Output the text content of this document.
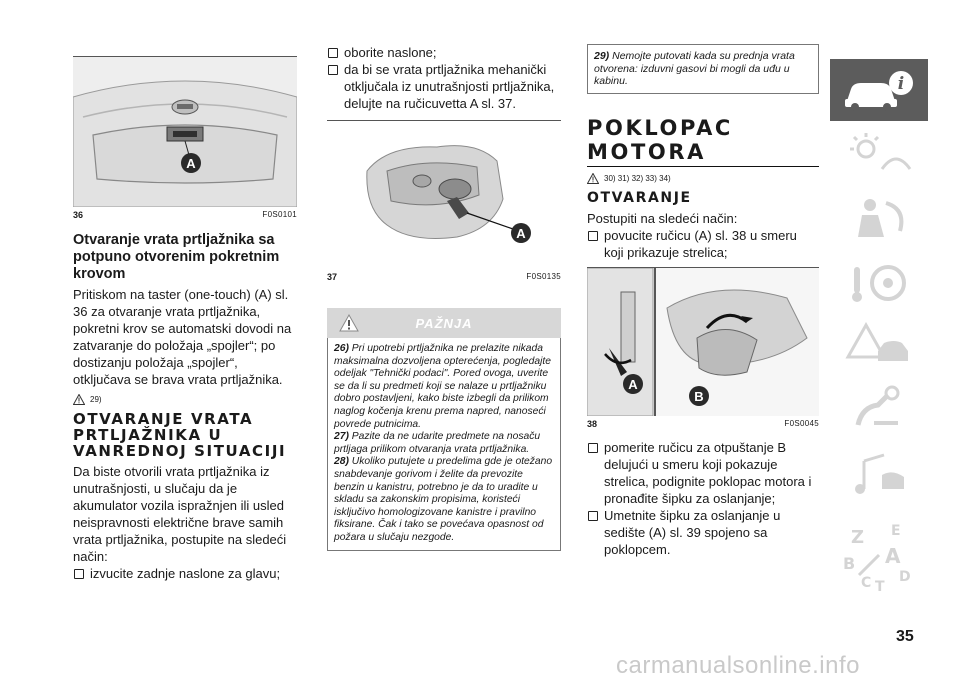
A
36	F0S0101
Otvaranje vrata prtljažnika sa potpuno otvorenim pokretnim krovom

Pritiskom na taster (one-touch) (A) sl. 36 za otvaranje vrata prtljažnika, pokretni krov se automatski dovodi na zatvaranje do položaja „spojler“; po dostizanju položaja „spojler“, otključava se brava vrata prtljažnika.

29)
OTVARANJE VRATA PRTLJAŽNIKA U VANREDNOJ SITUACIJI

Da biste otvorili vrata prtljažnika iz unutrašnjosti, u slučaju da je akumulator vozila ispražnjen ili usled neispravnosti električne brave samih vrata prtljažnika, postupite na sledeći način:

izvucite zadnje naslone za glavu;
oborite naslone;
da bi se vrata prtljažnika mehanički otključala iz unutrašnjosti prtljažnika, delujte na ručicuvetta A sl. 37.
A
37	F0S0135
PAŽNJA
26) Pri upotrebi prtljažnika ne prelazite nikada maksimalna dozvoljena opterećenja, pogledajte odeljak "Tehnički podaci". Pored ovoga, uverite se da li su predmeti koji se nalaze u prtljažniku dobro postavljeni, kako biste izbegli da prilikom naglog kočenja krenu prema napred, nanoseći povrede putnicima.
27) Pazite da ne udarite predmete na nosaču prtljaga prilikom otvaranja vrata prtljažnika.
28) Ukoliko putujete u predelima gde je otežano snabdevanje gorivom i želite da prevozite benzin u kanistru, potrebno je da to uradite u skladu sa zakonskim propisima, koristeći isključivo homologizovane kanistre i pravilno fiksirane. Čak i tako se povećava opasnost od požara u slučaju nezgode.
29) Nemojte putovati kada su prednja vrata otvorena: izduvni gasovi bi mogli da uđu u kabinu.
POKLOPAC MOTORA
30) 31) 32) 33) 34)
OTVARANJE

Postupiti na sledeći način:

povucite ručicu (A) sl. 38 u smeru koji prikazuje strelica;
A
B
38	F0S0045
pomerite ručicu za otpuštanje B delujući u smeru koji pokazuje strelica, podignite poklopac motora i pronađite šipku za oslanjanje;
Umetnite šipku za oslanjanje u sedište (A) sl. 39 spojeno sa poklopcem.
i
Z E
B A
C T
D
35
carmanualsonline.info
